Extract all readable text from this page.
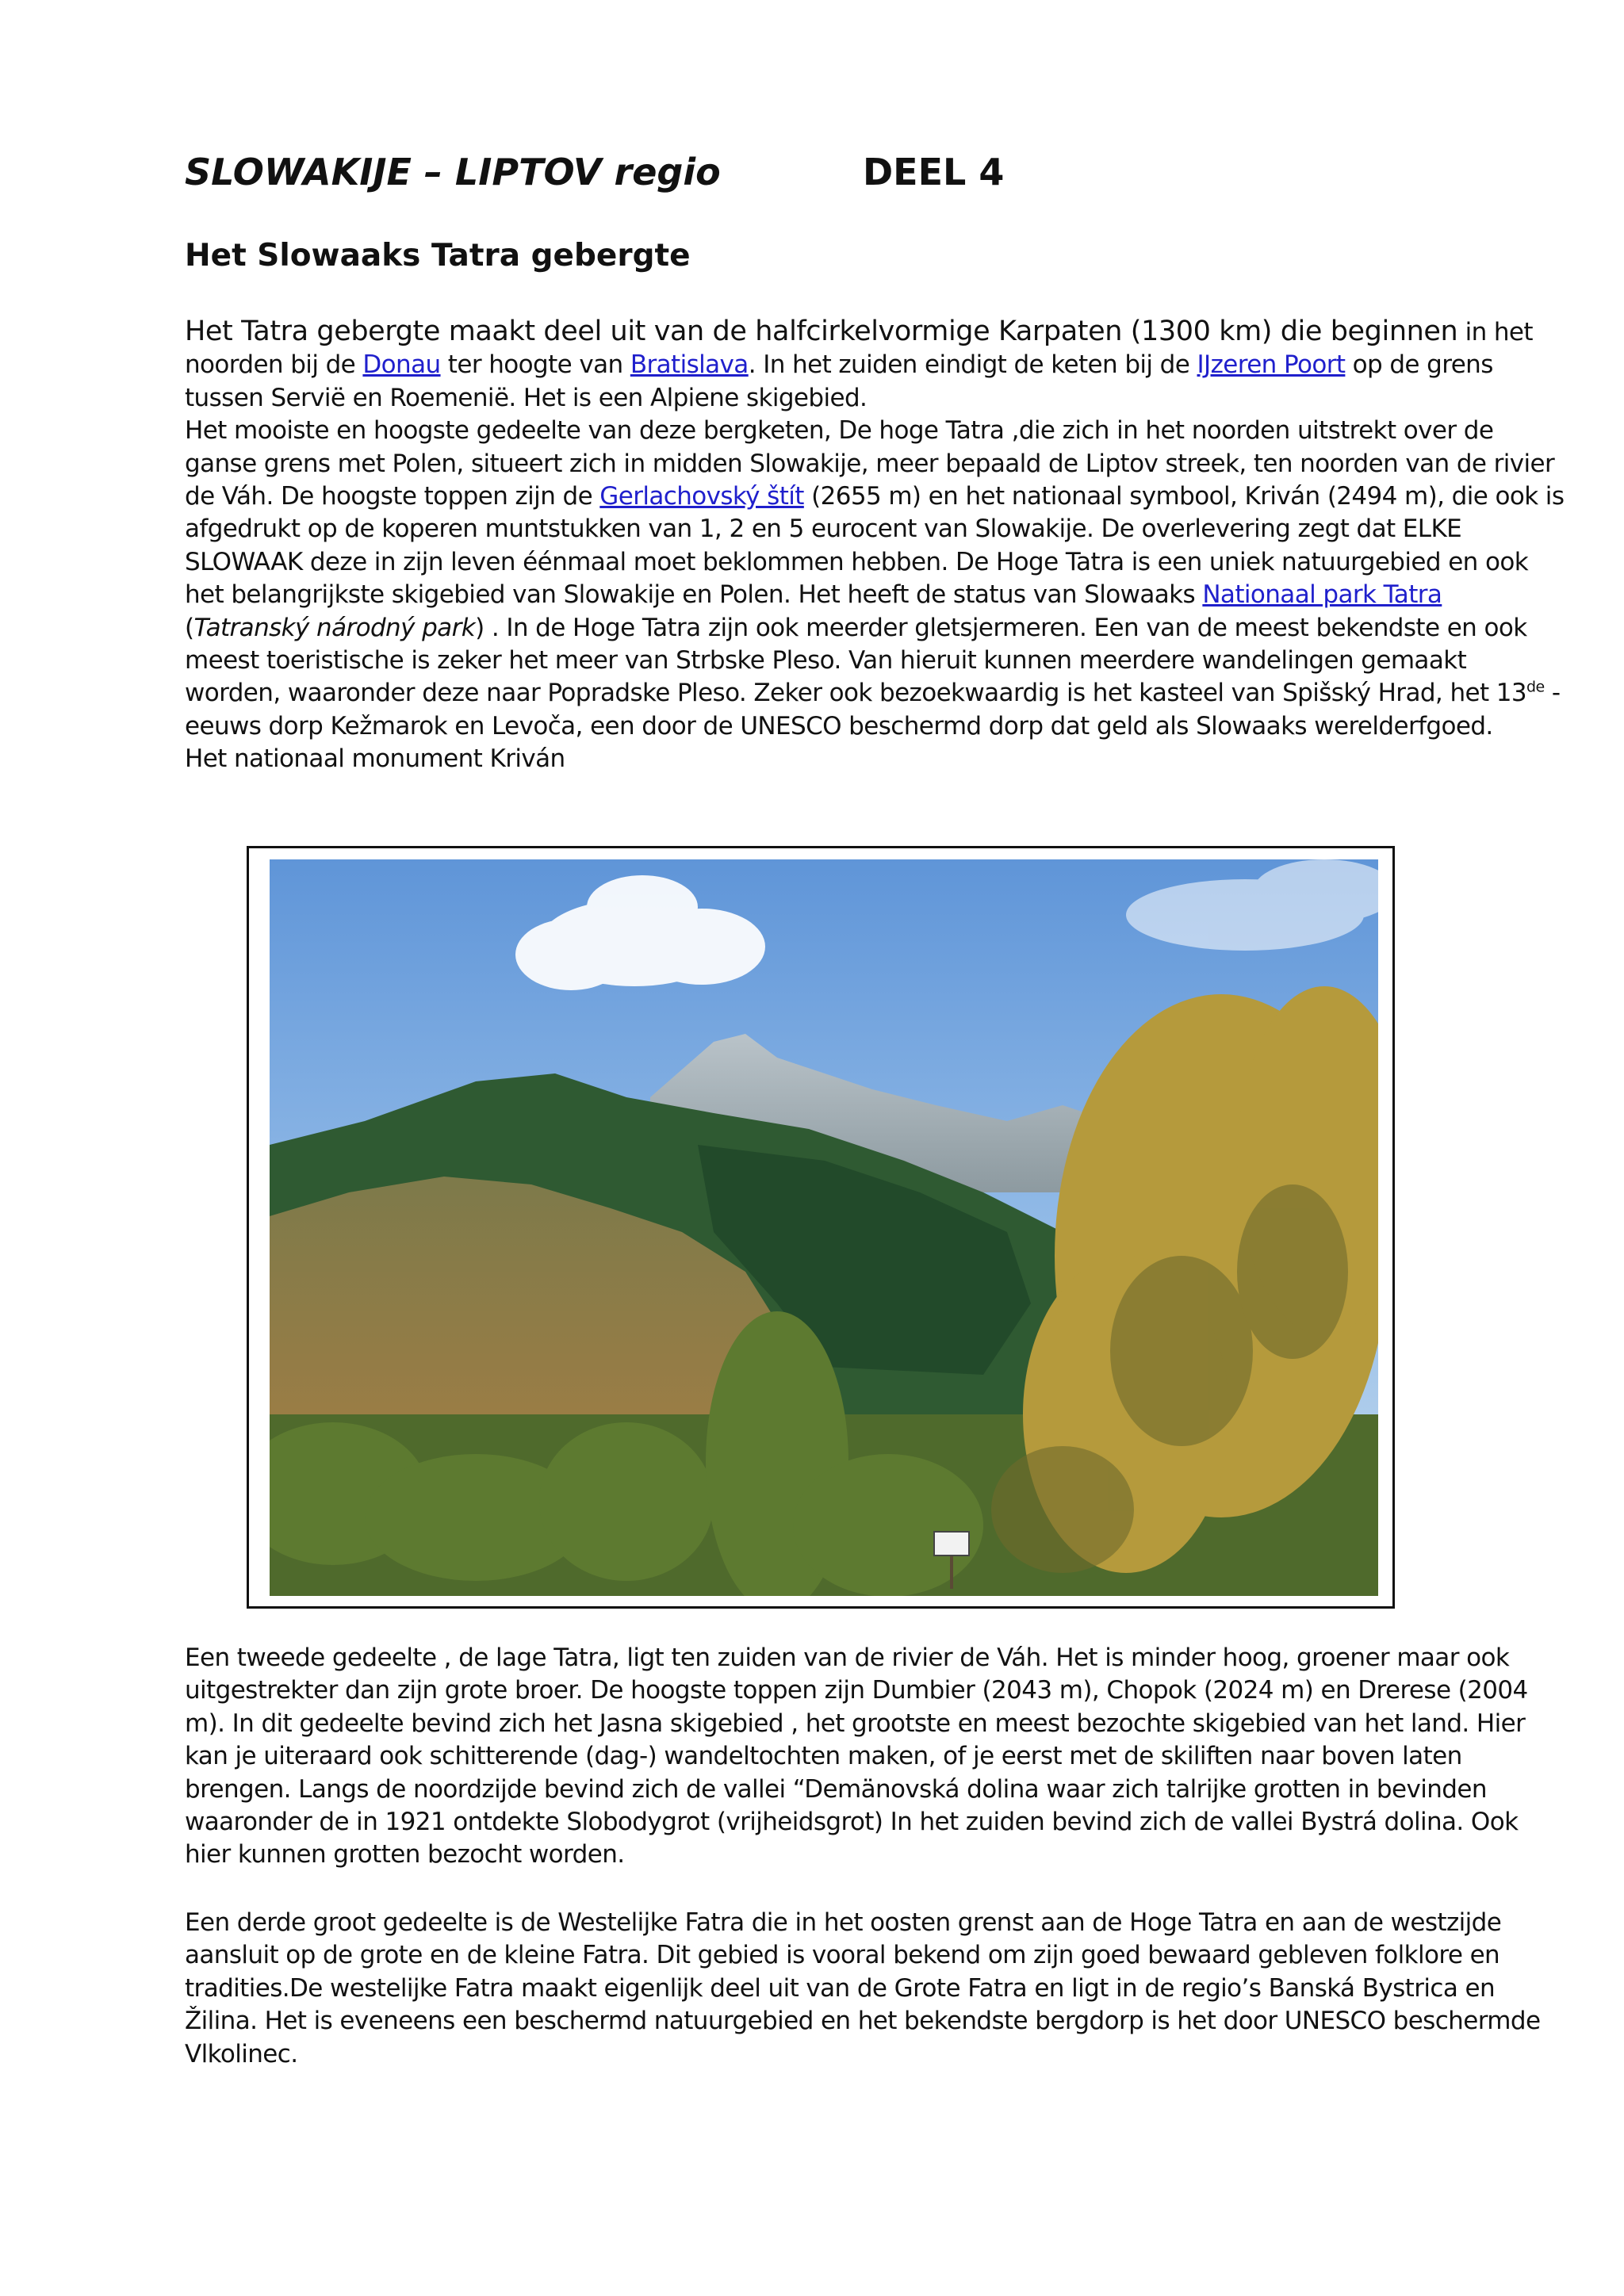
SLOWAKIJE – LIPTOV regio	DEEL 4
Het Slowaaks Tatra gebergte

Het Tatra gebergte maakt deel uit van de halfcirkelvormige Karpaten (1300 km) die beginnen in het noorden bij de Donau ter hoogte van Bratislava. In het zuiden eindigt de keten bij de IJzeren Poort op de grens tussen Servië en Roemenië. Het is een Alpiene skigebied.
Het mooiste en hoogste gedeelte van deze bergketen, De hoge Tatra ,die zich in het noorden uitstrekt over de ganse grens met Polen, situeert zich in midden Slowakije, meer bepaald de Liptov streek, ten noorden van de rivier de Váh. De hoogste toppen zijn de Gerlachovský štít (2655 m) en het nationaal symbool, Kriván (2494 m), die ook is afgedrukt op de koperen muntstukken van 1, 2 en 5 eurocent van Slowakije. De overlevering zegt dat ELKE SLOWAAK deze in zijn leven éénmaal moet beklommen hebben. De Hoge Tatra is een uniek natuurgebied en ook het belangrijkste skigebied van Slowakije en Polen. Het heeft de status van Slowaaks Nationaal park Tatra (Tatranský národný park) . In de Hoge Tatra zijn ook meerder gletsjermeren. Een van de meest bekendste en ook meest toeristische is zeker het meer van Strbske Pleso. Van hieruit kunnen meerdere wandelingen gemaakt worden, waaronder deze naar Popradske Pleso. Zeker ook bezoekwaardig is het kasteel van Spišský Hrad, het 13de -eeuws dorp Kežmarok en Levoča, een door de UNESCO beschermd dorp dat geld als Slowaaks werelderfgoed.
Het nationaal monument Kriván

Een tweede gedeelte , de lage Tatra, ligt ten zuiden van de rivier de Váh. Het is minder hoog, groener maar ook uitgestrekter dan zijn grote broer. De hoogste toppen zijn Dumbier (2043 m), Chopok (2024 m) en Drerese (2004 m). In dit gedeelte bevind zich het Jasna skigebied , het grootste en meest bezochte skigebied van het land. Hier kan je uiteraard ook schitterende (dag-) wandeltochten maken, of je eerst met de skiliften naar boven laten brengen. Langs de noordzijde bevind zich de vallei “Demänovská dolina waar zich talrijke grotten in bevinden waaronder de in 1921 ontdekte Slobodygrot (vrijheidsgrot) In het zuiden bevind zich de vallei Bystrá dolina. Ook hier kunnen grotten bezocht worden.

Een derde groot gedeelte is de Westelijke Fatra die in het oosten grenst aan de Hoge Tatra en aan de westzijde aansluit op de grote en de kleine Fatra. Dit gebied is vooral bekend om zijn goed bewaard gebleven folklore en tradities.De westelijke Fatra maakt eigenlijk deel uit van de Grote Fatra en ligt in de regio’s Banská Bystrica en Žilina. Het is eveneens een beschermd natuurgebied en het bekendste bergdorp is het door UNESCO beschermde Vlkolinec.
